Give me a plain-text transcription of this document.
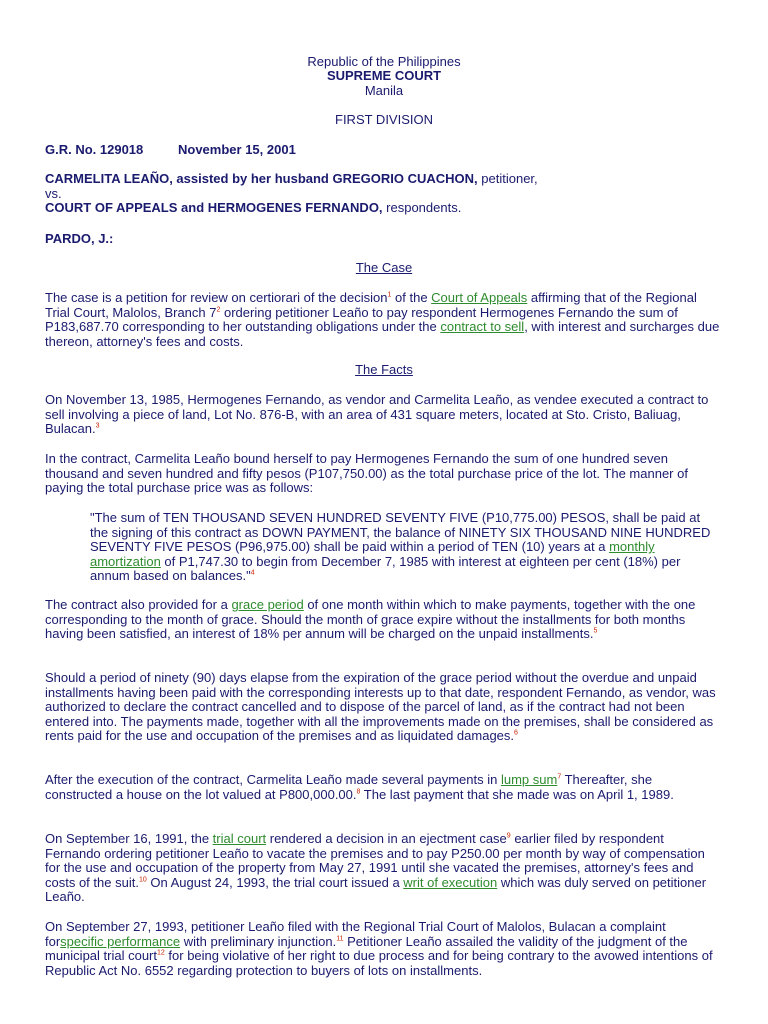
Republic of the Philippines
SUPREME COURT
Manila
FIRST DIVISION

G.R. No. 129018	November 15, 2001

CARMELITA LEAÑO, assisted by her husband GREGORIO CUACHON, petitioner,
vs.
COURT OF APPEALS and HERMOGENES FERNANDO, respondents.

PARDO, J.:

The Case

The case is a petition for review on certiorari of the decision$^1$ of the Court of Appeals affirming that of the Regional Trial Court, Malolos, Branch $7^2$ ordering petitioner Leaño to pay respondent Hermogenes Fernando the sum of P183,687.70 corresponding to her outstanding obligations under the contract to sell, with interest and surcharges due thereon, attorney's fees and costs.

The Facts

On November 13, 1985, Hermogenes Fernando, as vendor and Carmelita Leaño, as vendee executed a contract to sell involving a piece of land, Lot No. 876-B, with an area of 431 square meters, located at Sto. Cristo, Baliuag, Bulacan.$^3$

In the contract, Carmelita Leaño bound herself to pay Hermogenes Fernando the sum of one hundred seven thousand and seven hundred and fifty pesos (P107,750.00) as the total purchase price of the lot. The manner of paying the total purchase price was as follows:

"The sum of TEN THOUSAND SEVEN HUNDRED SEVENTY FIVE (P10,775.00) PESOS, shall be paid at the signing of this contract as DOWN PAYMENT, the balance of NINETY SIX THOUSAND NINE HUNDRED SEVENTY FIVE PESOS (P96,975.00) shall be paid within a period of TEN (10) years at a monthly amortization of P1,747.30 to begin from December 7, 1985 with interest at eighteen per cent (18%) per annum based on balances."$^4$

The contract also provided for a grace period of one month within which to make payments, together with the one corresponding to the month of grace. Should the month of grace expire without the installments for both months having been satisfied, an interest of 18% per annum will be charged on the unpaid installments.$^5$

Should a period of ninety (90) days elapse from the expiration of the grace period without the overdue and unpaid installments having been paid with the corresponding interests up to that date, respondent Fernando, as vendor, was authorized to declare the contract cancelled and to dispose of the parcel of land, as if the contract had not been entered into. The payments made, together with all the improvements made on the premises, shall be considered as rents paid for the use and occupation of the premises and as liquidated damages.$^6$

After the execution of the contract, Carmelita Leaño made several payments in lump sum$^7$ Thereafter, she constructed a house on the lot valued at P800,000.00.$^8$ The last payment that she made was on April 1, 1989.

On September 16, 1991, the trial court rendered a decision in an ejectment case$^9$ earlier filed by respondent Fernando ordering petitioner Leaño to vacate the premises and to pay P250.00 per month by way of compensation for the use and occupation of the property from May 27, 1991 until she vacated the premises, attorney's fees and costs of the suit.$^{10}$ On August 24, 1993, the trial court issued a writ of execution which was duly served on petitioner Leaño.

On September 27, 1993, petitioner Leaño filed with the Regional Trial Court of Malolos, Bulacan a complaint forspecific performance with preliminary injunction.$^{11}$ Petitioner Leaño assailed the validity of the judgment of the municipal trial court$^{12}$ for being violative of her right to due process and for being contrary to the avowed intentions of Republic Act No. 6552 regarding protection to buyers of lots on installments.
